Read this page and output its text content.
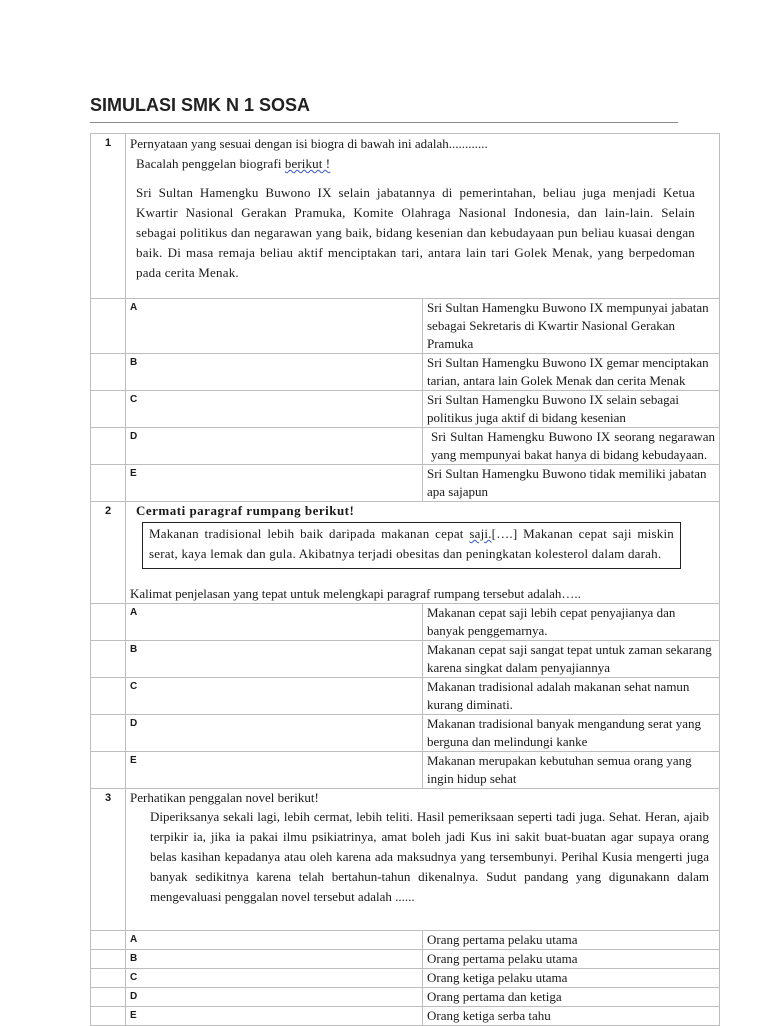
SIMULASI SMK N 1 SOSA
1	Pernyataan yang sesuai dengan isi biogra di bawah ini adalah............
Bacalah penggelan biografi berikut !
Sri Sultan Hamengku Buwono IX selain jabatannya di pemerintahan, beliau juga menjadi Ketua Kwartir Nasional Gerakan Pramuka, Komite Olahraga Nasional Indonesia, dan lain-lain. Selain sebagai politikus dan negarawan yang baik, bidang kesenian dan kebudayaan pun beliau kuasai dengan baik. Di masa remaja beliau aktif menciptakan tari, antara lain tari Golek Menak, yang berpedoman pada cerita Menak.	

	A	Sri Sultan Hamengku Buwono IX mempunyai jabatan sebagai Sekretaris di Kwartir Nasional Gerakan Pramuka
	B	Sri Sultan Hamengku Buwono IX gemar menciptakan tarian, antara lain Golek Menak dan cerita Menak
	C	Sri Sultan Hamengku Buwono IX selain sebagai politikus juga aktif di bidang kesenian
	D	Sri Sultan Hamengku Buwono IX seorang negarawan yang mempunyai bakat hanya di bidang kebudayaan.
	E	Sri Sultan Hamengku Buwono tidak memiliki jabatan apa sajapun
2	Cermati paragraf rumpang berikut!
Makanan tradisional lebih baik daripada makanan cepat saji.[….] Makanan cepat saji miskin serat, kaya lemak dan gula. Akibatnya terjadi obesitas dan peningkatan kolesterol dalam darah.
Kalimat penjelasan yang tepat untuk melengkapi paragraf rumpang tersebut adalah…..	

	A	Makanan cepat saji lebih cepat penyajianya dan banyak penggemarnya.
	B	Makanan cepat saji sangat tepat untuk zaman sekarang karena singkat dalam penyajiannya
	C	Makanan tradisional adalah makanan sehat namun kurang diminati.
	D	Makanan tradisional banyak mengandung serat yang berguna dan melindungi kanke
	E	Makanan merupakan kebutuhan semua orang yang ingin hidup sehat
3	Perhatikan penggalan novel berikut!
Diperiksanya sekali lagi, lebih cermat, lebih teliti. Hasil pemeriksaan seperti tadi juga. Sehat. Heran, ajaib terpikir ia, jika ia pakai ilmu psikiatrinya, amat boleh jadi Kus ini sakit buat-buatan agar supaya orang belas kasihan kepadanya atau oleh karena ada maksudnya yang tersembunyi. Perihal Kusia mengerti juga banyak sedikitnya karena telah bertahun-tahun dikenalnya. Sudut pandang yang digunakann dalam mengevaluasi penggalan novel tersebut adalah ......	

	A	Orang pertama pelaku utama
	B	Orang pertama pelaku utama
	C	Orang ketiga pelaku utama
	D	Orang pertama dan ketiga
	E	Orang ketiga serba tahu
